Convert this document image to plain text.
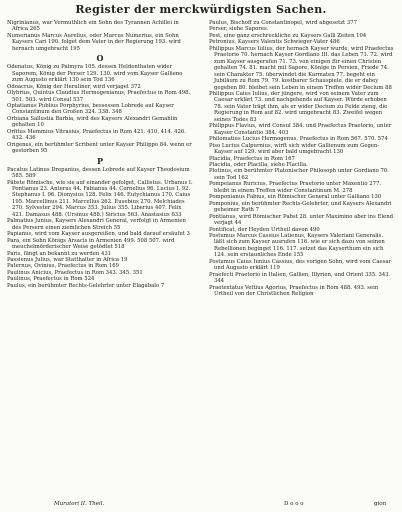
Register der merckwürdigsten Sachen.
Nigrinianus, war Vermuthlich ein Sohn des Tyrannen Achillei in Africa 265
Numerianus Marcus Aurelius, oder Marcus Numerius, ein Sohn Kaysers Cari 190. folget dem Vater in der Regierung 193. wird hernach umgebracht 195
O
Odenatus, König zu Palmyra 105. dessen Heldenthaten wider Saporem, König der Perser 129. 130. wird vom Kayser Gallieno zum Augusto erklärt 130 sein Tod 136
Odoacrus, König der Heruliner, wird verjaget 372
Olybrius, Quintus Claudius Hermogenianus, Praefectus in Rom 498. 501. 503. wird Consul 537
Optatianus Publius Porphyrius, bessessen Lobrede auf Kayser Constantinum den Großen 324. 338. 348
Orbiana Sallustia Barbia, wird des Kaysers Alexandri Gemahlin gehalten 10
Orfitus Memmius Vitrasius, Praefectus in Rom 421. 410. 414. 426. 432. 436
Origenes, ein berühmter Scribent unter Kayser Philippo 84. wenn er gestorben 95
P
Pacatus Latinus Drepanius, dessen Lobrede auf Kayser Theodosium 585. 589
Päbste Römische, wie sie auf einander gefolget, Callistus. Urbanus I. Pontianus 23. Anterus 44. Fabianus 44. Cornelius 96. Lucius I. 92. Stephanus I. 96. Dionysius 128. Felix 146. Eutychianus 170. Caius 195. Marcellinus 211. Marcellus 262. Eusebius 270. Melchiades 270. Sylvester 294. Marcus 353. Julius 355. Liberius 407. Felix 421. Damasus 488. (Ursinus 488.) Siricius 563. Anastasius 633
Palmatius Junius, Kaysers Alexandri General, verfolgt in Armenien des Persern einen ziemlichen Streich 55
Papianus, wird vom Kayser ausgereißen, und bald darauf ersäufet 3
Para, ein Sohn Königs Arsacis in Armenien 499. 508 507. wird meuchelmörderischer Weise getödtet 518
Paris, fängt an bekannt zu werden 431
Passienus Julius, war Statthalter in Africa 19
Paternus, Ovinius, Praefectus in Rom 169
Paulinus Anicius, Praefectus in Rom 343. 345. 351
Paulinus, Praefectus in Rom 524
Paulus, ein berühmter Rechts-Gelehrter unter Elagabalo 7
Paulus, Bischoff zu Constantinopel, wird abgesetzt 377
Perser, siehe Sapores.
Pest, eine ganz erschreckliche zu Kaysers Galli Zeiten 104
Petronius, Kaysers Valentis Schwieger-Vater 486
Philippus Marcus Iulius, der hernach Kayser wurde, wird Praefectus Praetorio 70. hernach Kayser Gordiano III. das Leben 71. 72. wird zum Kayser ausgerufen 71. 73. von einigen für einen Christen gehalten 74. 81. macht mit Sapore, Könige in Persien, Friede 74. sein Charakter 75. überwindet die Karmaten 77. begeht ein Jubiläum zu Rom 79. 79. kostbarer Schauspiele, die er dabey gegeben 80. bleibet sein Leben in einem Treffen wider Decium 88
Philippus Caius Iulius, der jüngere, wird von seinem Vater zum Caesar erklärt 73. und nachgehends auf Kayser. Würde erhoben 78. sein Vater trägt ihm, als er wider Decium zu Felde zieng, die Regierung in Rom auf 82. wird umgebracht 83. Zweifel wegen seines Todes 83
Philippus Flavius, wird Consul 384. und Praefectus Praetorio, unter Kayser Constantio 384. 403
Philomatius Lucius Hermogenus, Praefectus in Rom 567. 570. 574
Piso Lucius Calpurnius, wirft sich wider Gallienum zum Gegen-Kayser auf 129. wird aber bald umgebracht 130
Placidia, Praefectus in Rom 167
Placidia, oder Placilla, siehe Flacilla.
Plotinus, ein berühmter Platonischer Philosoph unter Gordiano 70. sein Tod 162
Pompeianus Ruricius, Praefectus Praetorio unter Maxentio 277. bleibt in einem Treffen wider Constantinum M. 278
Pomponianus Fabius, ein Römischer General unter Galliano 130
Pomponius, ein berühmter Rechts-Gelehrter, und Kaysers Alexandri geheimer Rath 7
Pontianus, wird Römischer Pabst 28. unter Maximino aber ins Elend verjagt 44
Pontificat, der Heyden Urtheil davon 490
Postumus Marcus Cassius Latienus, Kaysers Valeriani Generalis. läßt sich zum Kayser ausrufen 116. wie er sich dazu von seinen Rebellionen beginget 116. 117. setzet das Kayserthum ein sich 124. sein erstaunliches Ende 155
Postumus Caius Iunius Cassius, des vorigen Sohn, wird vom Caesar und Augusto erklärt 119
Praefecti Praetorio in Italien, Gallien, Illyrien, und Orient 335. 343. 344
Praetextatus Vettius Agorius, Praefectus in Rom 488. 493. sein Urtheil von der Christlichen Religion
Muratori II. Theil.	D o o o	gion
